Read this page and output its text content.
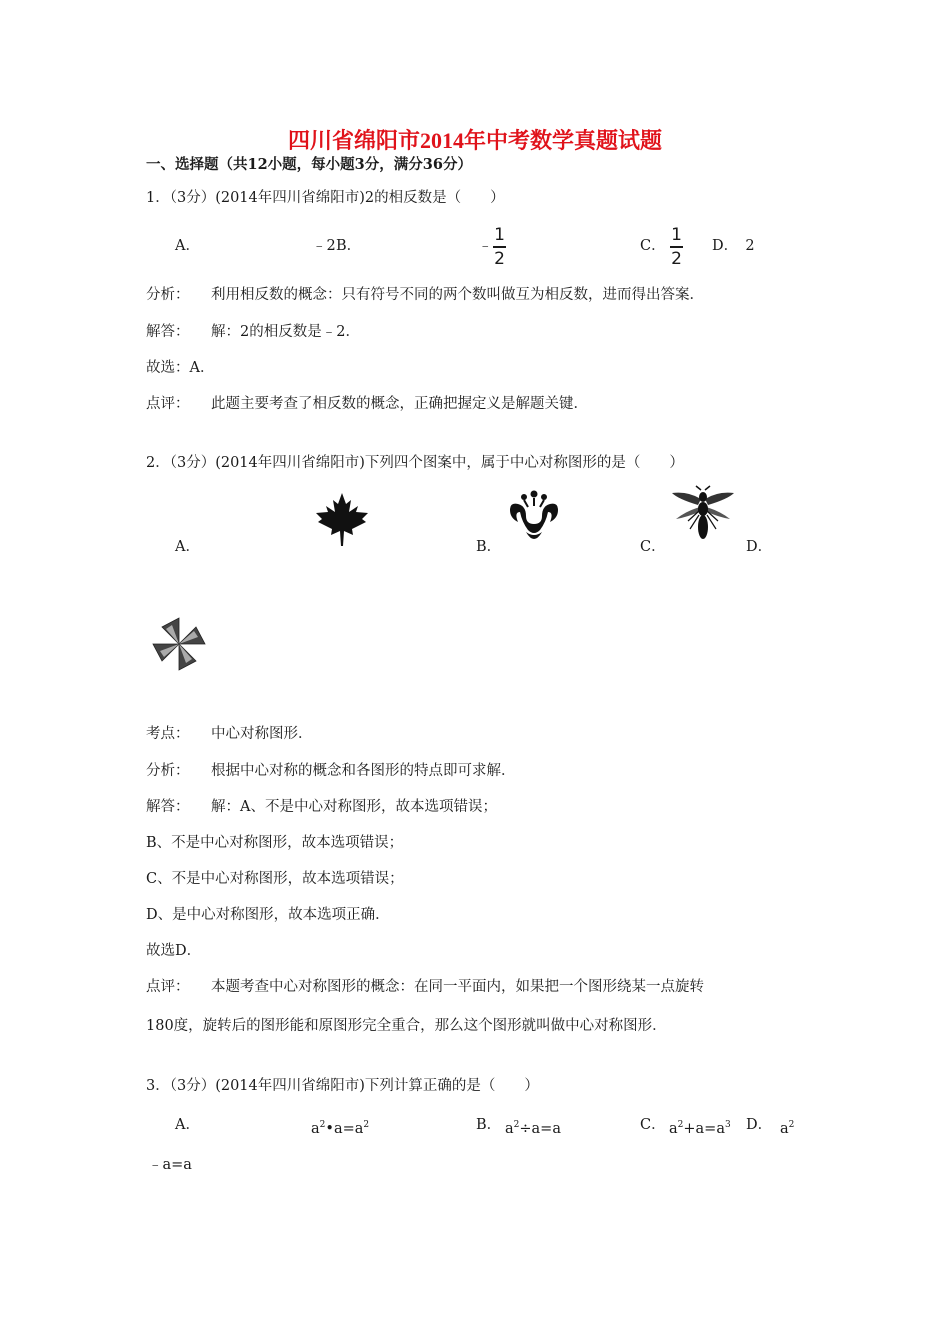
四川省绵阳市2014年中考数学真题试题
一、选择题（共12小题，每小题3分，满分36分）
1．（3分）(2014年四川省绵阳市)2的相反数是（　　）
A．	﹣2 B．	﹣
1
2
C．
1
2
D．　2
分析： 利用相反数的概念：只有符号不同的两个数叫做互为相反数，进而得出答案．
解答： 解：2的相反数是﹣2．
故选：A．
点评： 此题主要考查了相反数的概念，正确把握定义是解题关键．
2．（3分）(2014年四川省绵阳市)下列四个图案中，属于中心对称图形的是（　　）
A．	B．	C．	D．
考点： 中心对称图形．
分析： 根据中心对称的概念和各图形的特点即可求解．
解答： 解：A、不是中心对称图形，故本选项错误；
B、不是中心对称图形，故本选项错误；
C、不是中心对称图形，故本选项错误；
D、是中心对称图形，故本选项正确．
故选D．
点评： 本题考查中心对称图形的概念：在同一平面内，如果把一个图形绕某一点旋转
180度，旋转后的图形能和原图形完全重合，那么这个图形就叫做中心对称图形．
3．（3分）(2014年四川省绵阳市)下列计算正确的是（　　）
A．	$a^2•a=a^2$	B． $a^2\div a=a$	C． $a^2+a=a^3$ D． $a^2$
﹣a=a
